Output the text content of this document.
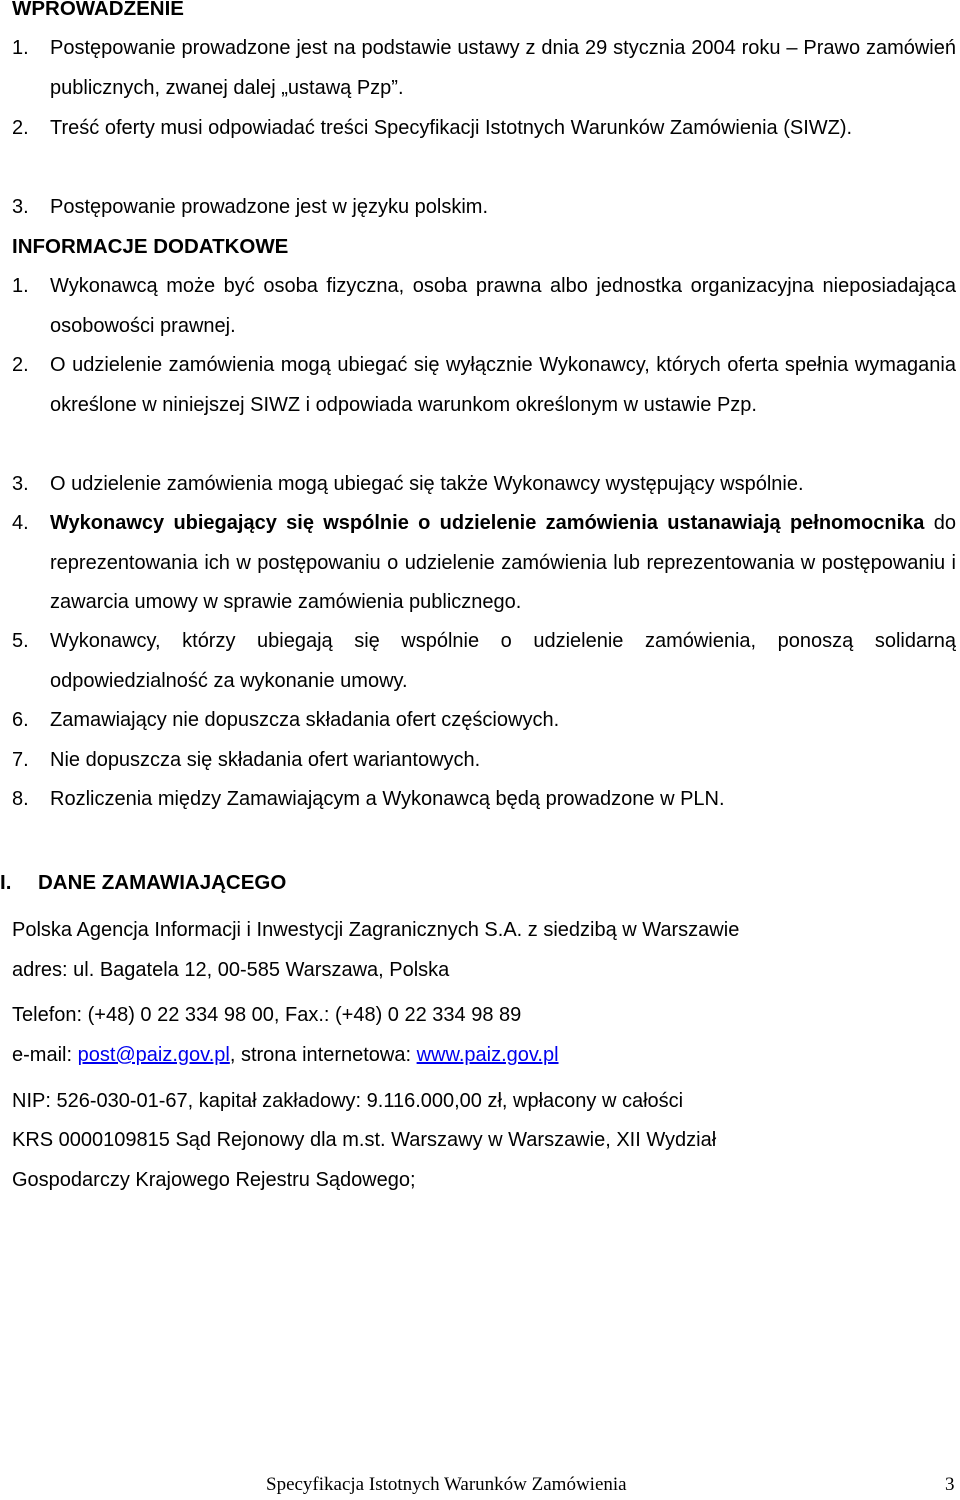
WPROWADZENIE
1. Postępowanie prowadzone jest na podstawie ustawy z dnia 29 stycznia 2004 roku – Prawo zamówień publicznych, zwanej dalej „ustawą Pzp”.
2. Treść oferty musi odpowiadać treści Specyfikacji Istotnych Warunków Zamówienia (SIWZ).
3. Postępowanie prowadzone jest w języku polskim.
INFORMACJE DODATKOWE
1. Wykonawcą może być osoba fizyczna, osoba prawna albo jednostka organizacyjna nieposiadająca osobowości prawnej.
2. O udzielenie zamówienia mogą ubiegać się wyłącznie Wykonawcy, których oferta spełnia wymagania określone w niniejszej SIWZ i odpowiada warunkom określonym w ustawie Pzp.
3. O udzielenie zamówienia mogą ubiegać się także Wykonawcy występujący wspólnie.
4. Wykonawcy ubiegający się wspólnie o udzielenie zamówienia ustanawiają pełnomocnika do reprezentowania ich w postępowaniu o udzielenie zamówienia lub reprezentowania w postępowaniu i zawarcia umowy w sprawie zamówienia publicznego.
5. Wykonawcy, którzy ubiegają się wspólnie o udzielenie zamówienia, ponoszą solidarną odpowiedzialność za wykonanie umowy.
6. Zamawiający nie dopuszcza składania ofert częściowych.
7. Nie dopuszcza się składania ofert wariantowych.
8. Rozliczenia między Zamawiającym a Wykonawcą będą prowadzone w PLN.
I. DANE ZAMAWIAJĄCEGO
Polska Agencja Informacji i Inwestycji Zagranicznych S.A. z siedzibą w Warszawie
adres: ul. Bagatela 12, 00-585 Warszawa, Polska
Telefon: (+48) 0 22 334 98 00, Fax.: (+48) 0 22 334 98 89
e-mail: post@paiz.gov.pl, strona internetowa: www.paiz.gov.pl
NIP: 526-030-01-67, kapitał zakładowy: 9.116.000,00 zł, wpłacony w całości
KRS 0000109815 Sąd Rejonowy dla m.st. Warszawy w Warszawie, XII Wydział
Gospodarczy Krajowego Rejestru Sądowego;
Specyfikacja Istotnych Warunków Zamówienia	3
